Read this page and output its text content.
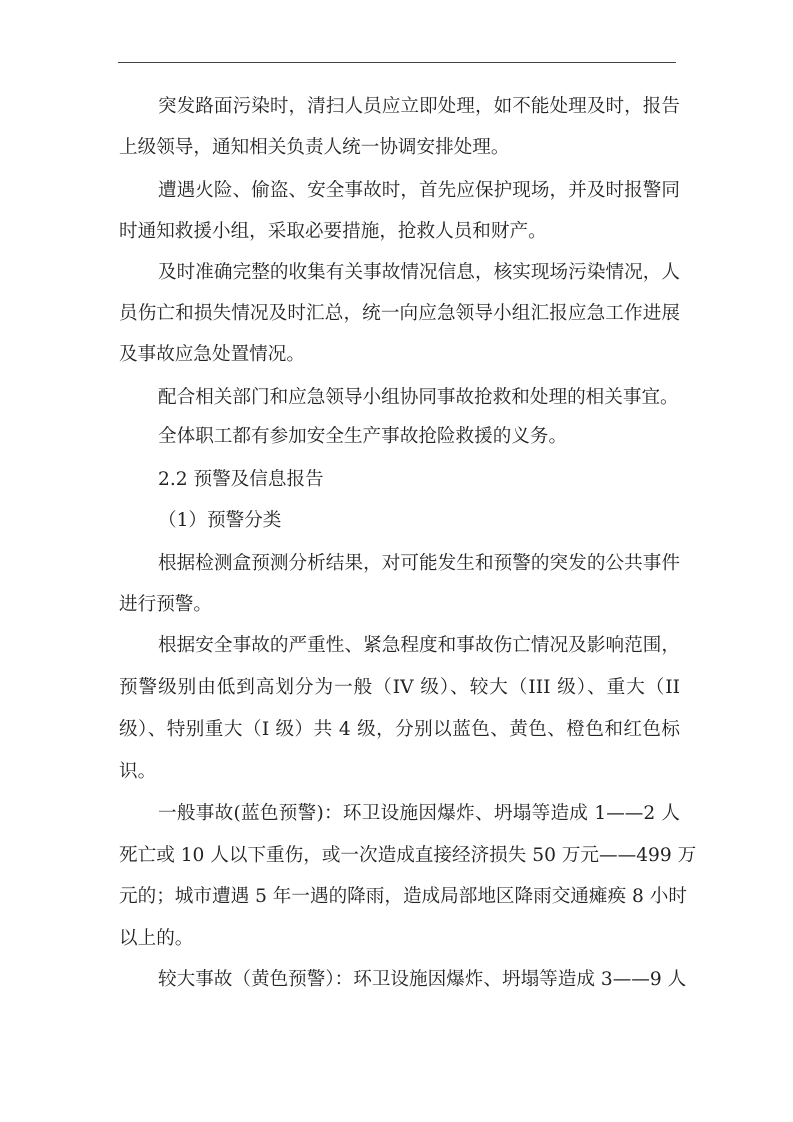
突发路面污染时，清扫人员应立即处理，如不能处理及时，报告
上级领导，通知相关负责人统一协调安排处理。
遭遇火险、偷盗、安全事故时，首先应保护现场，并及时报警同
时通知救援小组，采取必要措施，抢救人员和财产。
及时准确完整的收集有关事故情况信息，核实现场污染情况，人
员伤亡和损失情况及时汇总，统一向应急领导小组汇报应急工作进展
及事故应急处置情况。
配合相关部门和应急领导小组协同事故抢救和处理的相关事宜。
全体职工都有参加安全生产事故抢险救援的义务。
2.2 预警及信息报告
（1）预警分类
根据检测盒预测分析结果，对可能发生和预警的突发的公共事件
进行预警。
根据安全事故的严重性、紧急程度和事故伤亡情况及影响范围，
预警级别由低到高划分为一般（IV 级）、较大（III 级）、重大（II
级）、特别重大（I 级）共 4 级，分别以蓝色、黄色、橙色和红色标
识。
一般事故(蓝色预警)：环卫设施因爆炸、坍塌等造成 1——2 人
死亡或 10 人以下重伤，或一次造成直接经济损失 50 万元——499 万
元的；城市遭遇 5 年一遇的降雨，造成局部地区降雨交通瘫痪 8 小时
以上的。
较大事故（黄色预警）：环卫设施因爆炸、坍塌等造成 3——9 人
